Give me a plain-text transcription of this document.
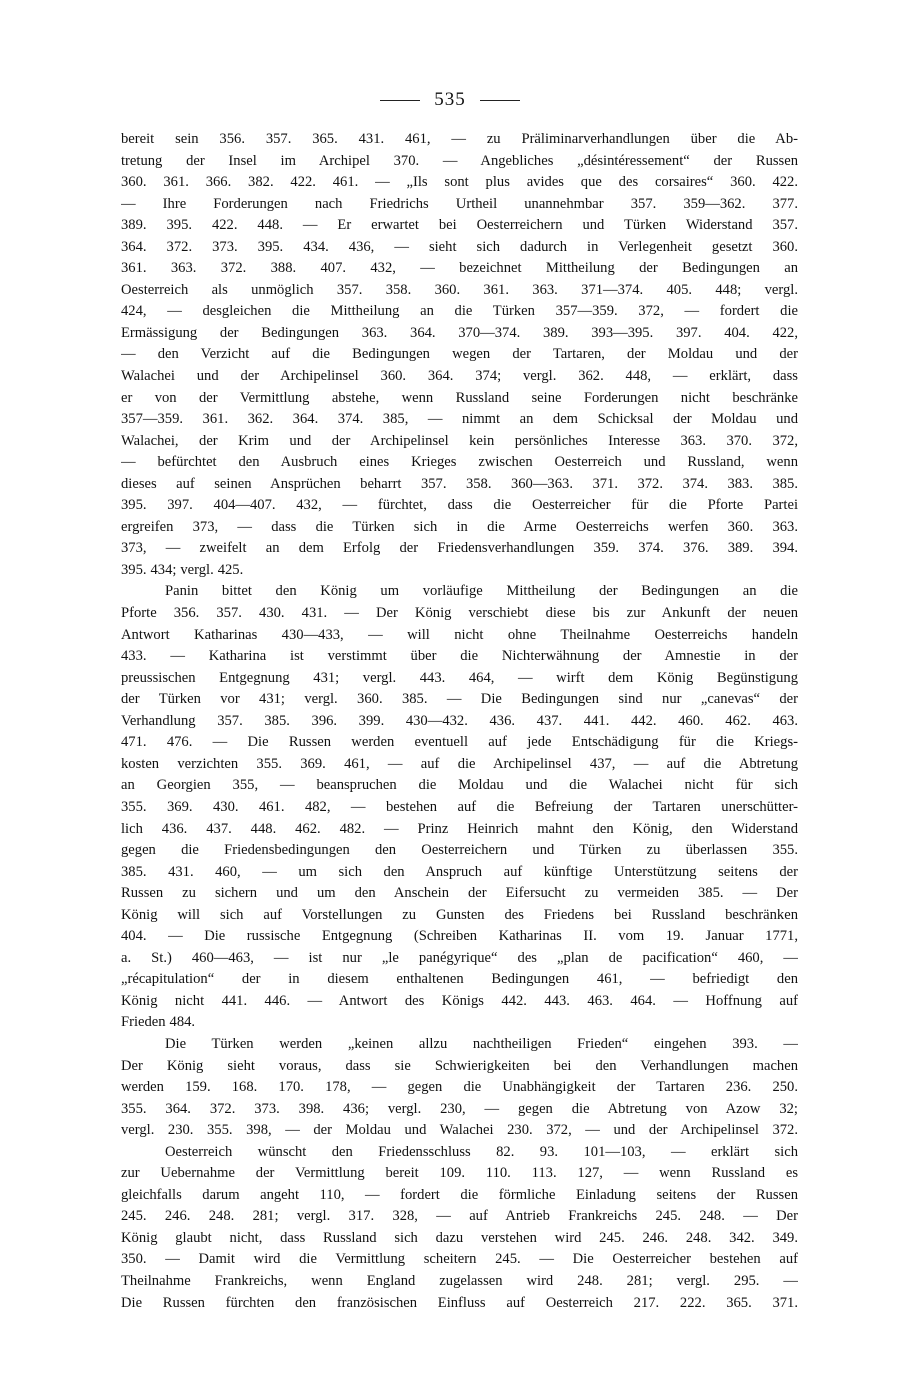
535

bereit sein 356. 357. 365. 431. 461, — zu Präliminarverhandlungen über die Ab-
tretung der Insel im Archipel 370. — Angebliches „désintéressement“ der Russen
360. 361. 366. 382. 422. 461. — „Ils sont plus avides que des corsaires“ 360. 422.
— Ihre Forderungen nach Friedrichs Urtheil unannehmbar 357. 359—362. 377.
389. 395. 422. 448. — Er erwartet bei Oesterreichern und Türken Widerstand 357.
364. 372. 373. 395. 434. 436, — sieht sich dadurch in Verlegenheit gesetzt 360.
361. 363. 372. 388. 407. 432, — bezeichnet Mittheilung der Bedingungen an
Oesterreich als unmöglich 357. 358. 360. 361. 363. 371—374. 405. 448; vergl.
424, — desgleichen die Mittheilung an die Türken 357—359. 372, — fordert die
Ermässigung der Bedingungen 363. 364. 370—374. 389. 393—395. 397. 404. 422,
— den Verzicht auf die Bedingungen wegen der Tartaren, der Moldau und der
Walachei und der Archipelinsel 360. 364. 374; vergl. 362. 448, — erklärt, dass
er von der Vermittlung abstehe, wenn Russland seine Forderungen nicht beschränke
357—359. 361. 362. 364. 374. 385, — nimmt an dem Schicksal der Moldau und
Walachei, der Krim und der Archipelinsel kein persönliches Interesse 363. 370. 372,
— befürchtet den Ausbruch eines Krieges zwischen Oesterreich und Russland, wenn
dieses auf seinen Ansprüchen beharrt 357. 358. 360—363. 371. 372. 374. 383. 385.
395. 397. 404—407. 432, — fürchtet, dass die Oesterreicher für die Pforte Partei
ergreifen 373, — dass die Türken sich in die Arme Oesterreichs werfen 360. 363.
373, — zweifelt an dem Erfolg der Friedensverhandlungen 359. 374. 376. 389. 394.
395. 434; vergl. 425.

Panin bittet den König um vorläufige Mittheilung der Bedingungen an die
Pforte 356. 357. 430. 431. — Der König verschiebt diese bis zur Ankunft der neuen
Antwort Katharinas 430—433, — will nicht ohne Theilnahme Oesterreichs handeln
433. — Katharina ist verstimmt über die Nichterwähnung der Amnestie in der
preussischen Entgegnung 431; vergl. 443. 464, — wirft dem König Begünstigung
der Türken vor 431; vergl. 360. 385. — Die Bedingungen sind nur „canevas“ der
Verhandlung 357. 385. 396. 399. 430—432. 436. 437. 441. 442. 460. 462. 463.
471. 476. — Die Russen werden eventuell auf jede Entschädigung für die Kriegs-
kosten verzichten 355. 369. 461, — auf die Archipelinsel 437, — auf die Abtretung
an Georgien 355, — beanspruchen die Moldau und die Walachei nicht für sich
355. 369. 430. 461. 482, — bestehen auf die Befreiung der Tartaren unerschütter-
lich 436. 437. 448. 462. 482. — Prinz Heinrich mahnt den König, den Widerstand
gegen die Friedensbedingungen den Oesterreichern und Türken zu überlassen 355.
385. 431. 460, — um sich den Anspruch auf künftige Unterstützung seitens der
Russen zu sichern und um den Anschein der Eifersucht zu vermeiden 385. — Der
König will sich auf Vorstellungen zu Gunsten des Friedens bei Russland beschränken
404. — Die russische Entgegnung (Schreiben Katharinas II. vom 19. Januar 1771,
a. St.) 460—463, — ist nur „le panégyrique“ des „plan de pacification“ 460, —
„récapitulation“ der in diesem enthaltenen Bedingungen 461, — befriedigt den
König nicht 441. 446. — Antwort des Königs 442. 443. 463. 464. — Hoffnung auf
Frieden 484.

Die Türken werden „keinen allzu nachtheiligen Frieden“ eingehen 393. —
Der König sieht voraus, dass sie Schwierigkeiten bei den Verhandlungen machen
werden 159. 168. 170. 178, — gegen die Unabhängigkeit der Tartaren 236. 250.
355. 364. 372. 373. 398. 436; vergl. 230, — gegen die Abtretung von Azow 32;
vergl. 230. 355. 398, — der Moldau und Walachei 230. 372, — und der Archipelinsel 372.

Oesterreich wünscht den Friedensschluss 82. 93. 101—103, — erklärt sich
zur Uebernahme der Vermittlung bereit 109. 110. 113. 127, — wenn Russland es
gleichfalls darum angeht 110, — fordert die förmliche Einladung seitens der Russen
245. 246. 248. 281; vergl. 317. 328, — auf Antrieb Frankreichs 245. 248. — Der
König glaubt nicht, dass Russland sich dazu verstehen wird 245. 246. 248. 342. 349.
350. — Damit wird die Vermittlung scheitern 245. — Die Oesterreicher bestehen auf
Theilnahme Frankreichs, wenn England zugelassen wird 248. 281; vergl. 295. —
Die Russen fürchten den französischen Einfluss auf Oesterreich 217. 222. 365. 371.
